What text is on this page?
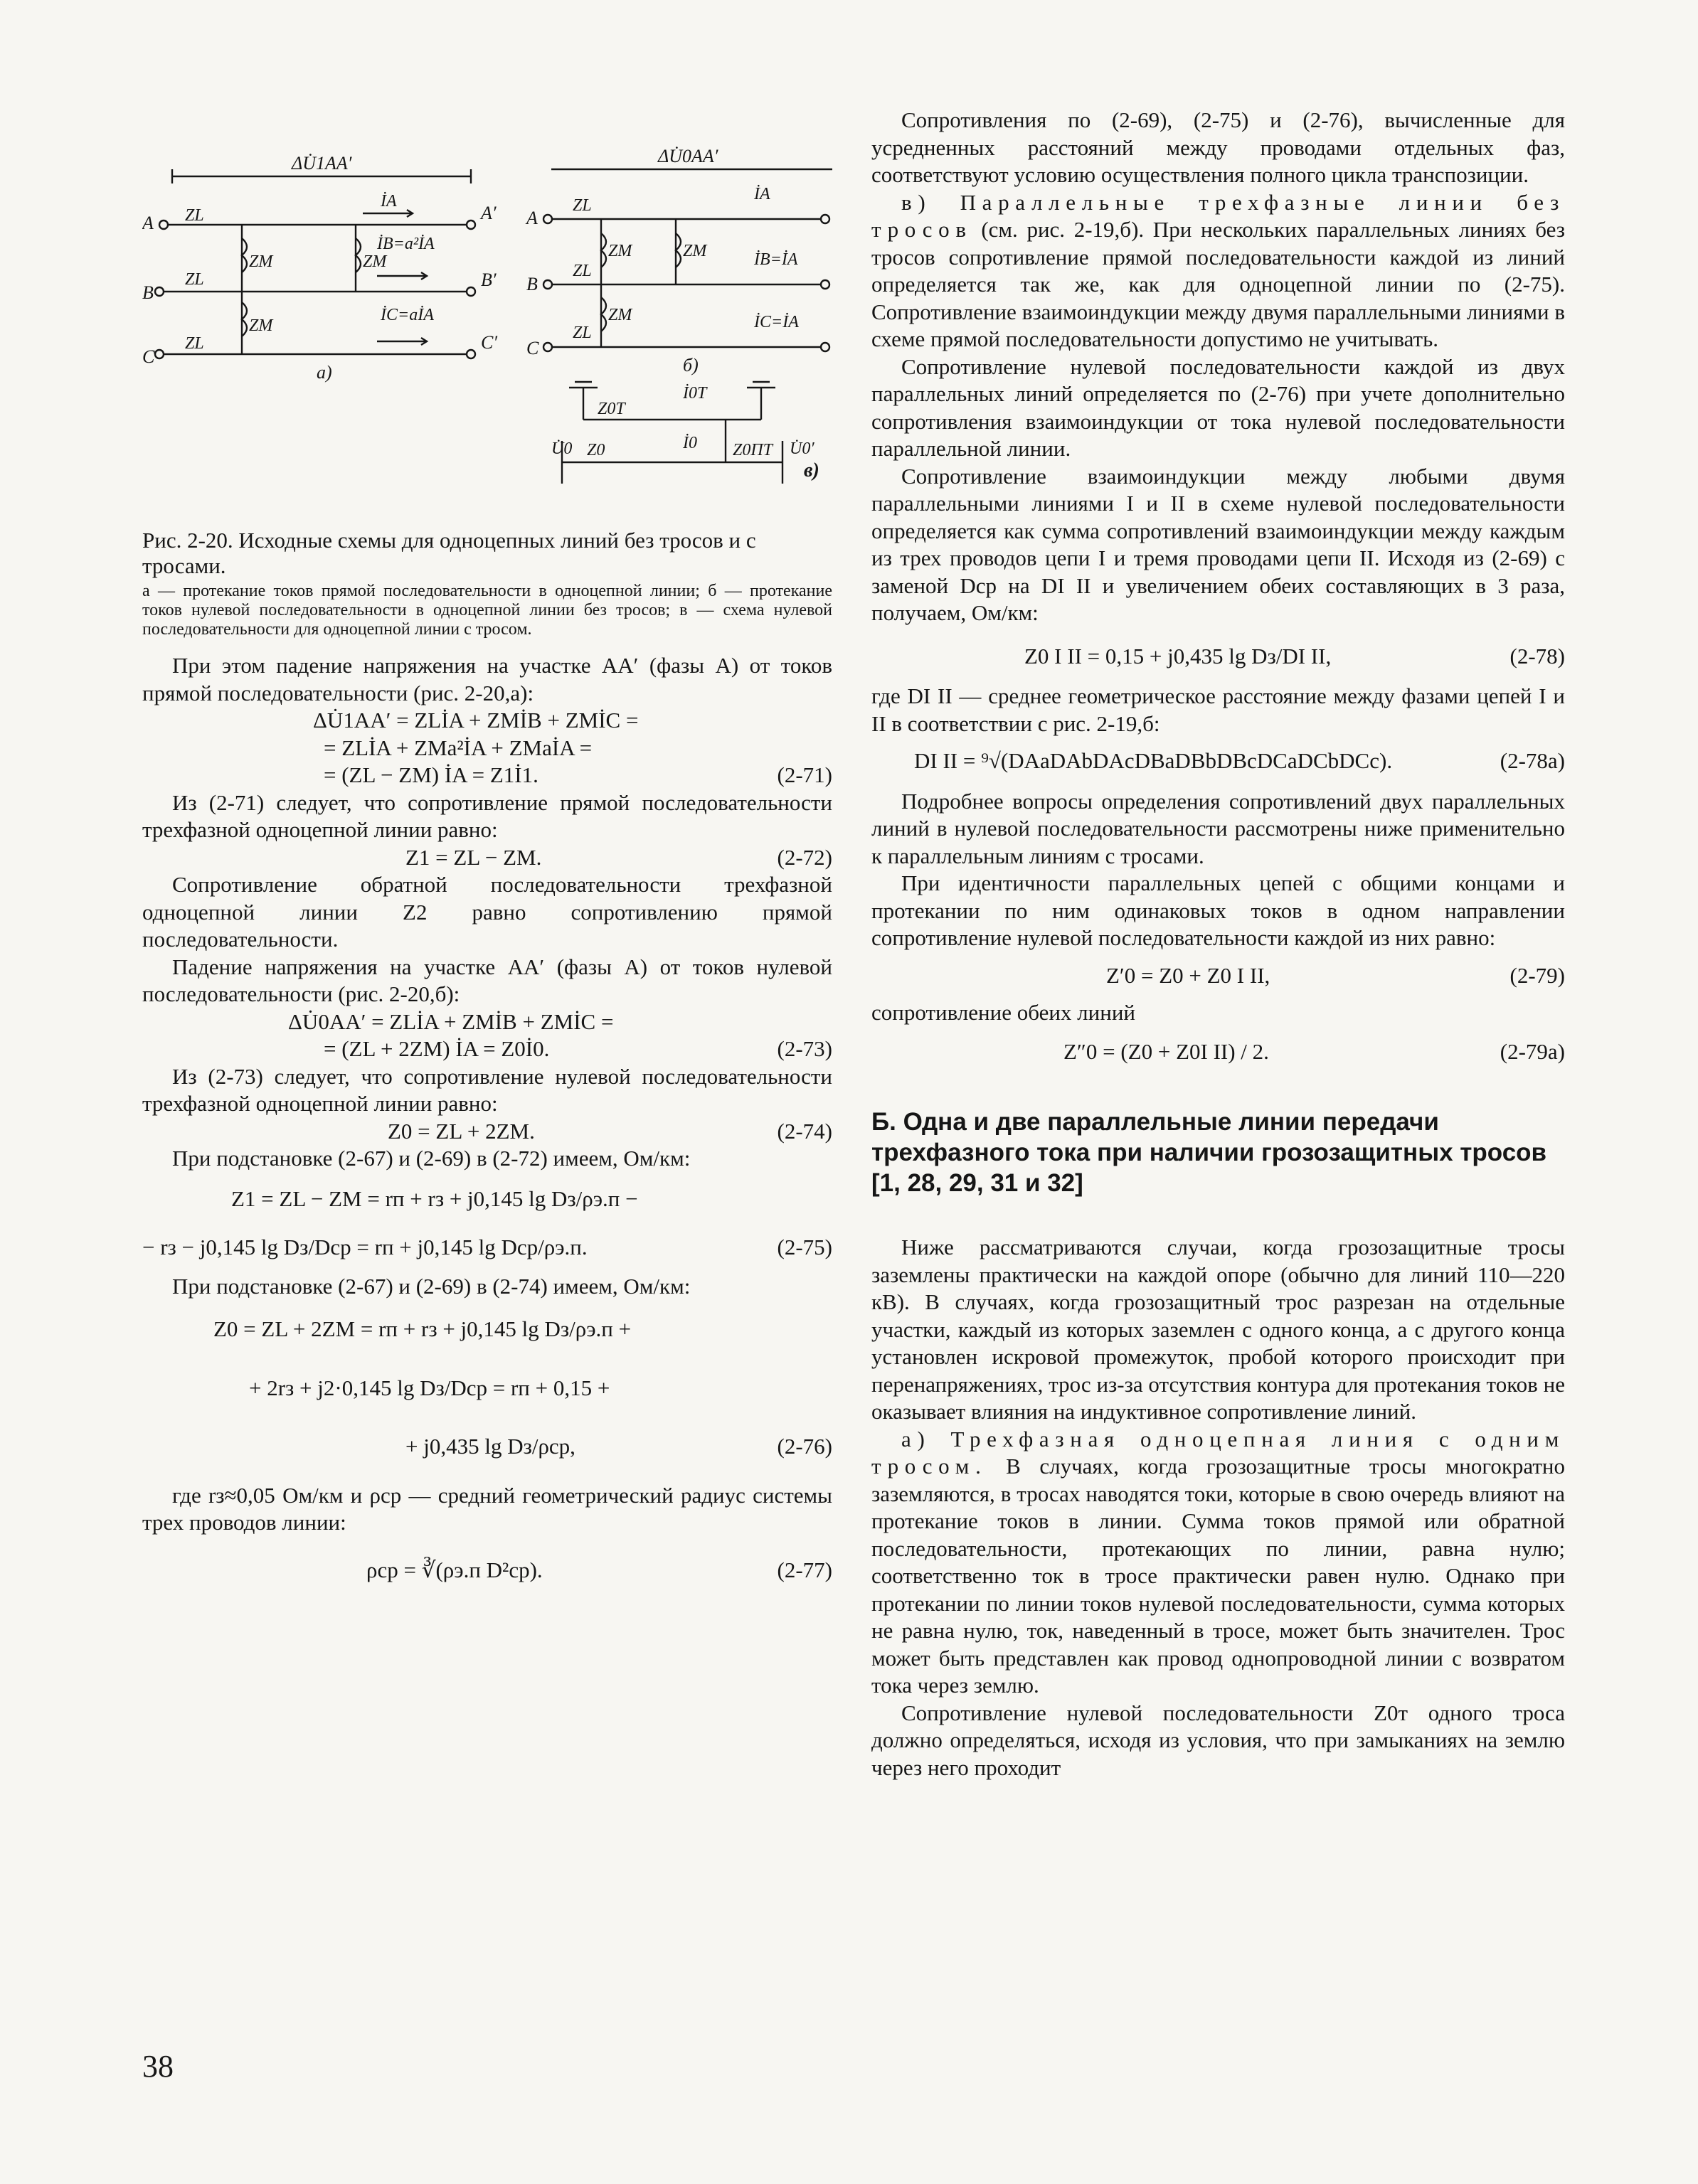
ΔU̇1AA′
A	A′
ZL
İA
B
B′
ZL
C
C′
ZL
ZM
ZM
ZM
İB=a²İA
İC=aİA
а)
ΔU̇0AA′
A
ZL
İA
B
ZL
İB=İA
C
ZL
İC=İA
ZM
ZM
ZM
б)
Z0T
İ0T
U̇0 Z0	İ0 Z0ПТ U̇0′
в)

Рис. 2-20. Исходные схемы для одноцепных линий без тросов и с тросами.

а — протекание токов прямой последовательности в одноцепной линии; б — протекание токов нулевой последовательности в одноцепной линии без тросов; в — схема нулевой последовательности для одноцепной линии с тросом.

При этом падение напряжения на участке AA′ (фазы A) от токов прямой последовательности (рис. 2-20,а):

ΔU̇1AA′ = ZLİA + ZMİB + ZMİC =
= ZLİA + ZMa²İA + ZMaİA =
= (ZL − ZM) İA = Z1İ1.	(2-71)

Из (2-71) следует, что сопротивление прямой последовательности трехфазной одноцепной линии равно:

Z1 = ZL − ZM.	(2-72)

Сопротивление обратной последовательности трехфазной одноцепной линии Z2 равно сопротивлению прямой последовательности.

Падение напряжения на участке AA′ (фазы A) от токов нулевой последовательности (рис. 2-20,б):

ΔU̇0AA′ = ZLİA + ZMİB + ZMİC =
= (ZL + 2ZM) İA = Z0İ0.	(2-73)

Из (2-73) следует, что сопротивление нулевой последовательности трехфазной одноцепной линии равно:

Z0 = ZL + 2ZM.	(2-74)

При подстановке (2-67) и (2-69) в (2-72) имеем, Ом/км:

Z1 = ZL − ZM = rп + rз + j0,145 lg Dз/ρэ.п −
− rз − j0,145 lg Dз/Dср = rп + j0,145 lg Dср/ρэ.п.	(2-75)

При подстановке (2-67) и (2-69) в (2-74) имеем, Ом/км:

Z0 = ZL + 2ZM = rп + rз + j0,145 lg Dз/ρэ.п +
+ 2rз + j2·0,145 lg Dз/Dср = rп + 0,15 +
+ j0,435 lg Dз/ρср,	(2-76)

где rз≈0,05 Ом/км и ρср — средний геометрический радиус системы трех проводов линии:

ρср = ∛(ρэ.п D²ср).	(2-77)

Сопротивления по (2-69), (2-75) и (2-76), вычисленные для усредненных расстояний между проводами отдельных фаз, соответствуют условию осуществления полного цикла транспозиции.

в) Параллельные трехфазные линии без тросов (см. рис. 2-19,б). При нескольких параллельных линиях без тросов сопротивление прямой последовательности каждой из линий определяется так же, как для одноцепной линии по (2-75). Сопротивление взаимоиндукции между двумя параллельными линиями в схеме прямой последовательности допустимо не учитывать.

Сопротивление нулевой последовательности каждой из двух параллельных линий определяется по (2-76) при учете дополнительно сопротивления взаимоиндукции от тока нулевой последовательности параллельной линии.

Сопротивление взаимоиндукции между любыми двумя параллельными линиями I и II в схеме нулевой последовательности определяется как сумма сопротивлений взаимоиндукции между каждым из трех проводов цепи I и тремя проводами цепи II. Исходя из (2-69) с заменой Dср на DI II и увеличением обеих составляющих в 3 раза, получаем, Ом/км:

Z0 I II = 0,15 + j0,435 lg Dз/DI II,	(2-78)

где DI II — среднее геометрическое расстояние между фазами цепей I и II в соответствии с рис. 2-19,б:

DI II = ⁹√(DAaDAbDAcDBaDBbDBcDCaDCbDCc).	(2-78а)

Подробнее вопросы определения сопротивлений двух параллельных линий в нулевой последовательности рассмотрены ниже применительно к параллельным линиям с тросами.

При идентичности параллельных цепей с общими концами и протекании по ним одинаковых токов в одном направлении сопротивление нулевой последовательности каждой из них равно:

Z′0 = Z0 + Z0 I II,	(2-79)

сопротивление обеих линий

Z″0 = (Z0 + Z0I II) / 2.	(2-79а)
Б. Одна и две параллельные линии передачи трехфазного тока при наличии грозозащитных тросов [1, 28, 29, 31 и 32]

Ниже рассматриваются случаи, когда грозозащитные тросы заземлены практически на каждой опоре (обычно для линий 110—220 кВ). В случаях, когда грозозащитный трос разрезан на отдельные участки, каждый из которых заземлен с одного конца, а с другого конца установлен искровой промежуток, пробой которого происходит при перенапряжениях, трос из-за отсутствия контура для протекания токов не оказывает влияния на индуктивное сопротивление линий.

а) Трехфазная одноцепная линия с одним тросом. В случаях, когда грозозащитные тросы многократно заземляются, в тросах наводятся токи, которые в свою очередь влияют на протекание токов в линии. Сумма токов прямой или обратной последовательности, протекающих по линии, равна нулю; соответственно ток в тросе практически равен нулю. Однако при протекании по линии токов нулевой последовательности, сумма которых не равна нулю, ток, наведенный в тросе, может быть значителен. Трос может быть представлен как провод однопроводной линии с возвратом тока через землю.

Сопротивление нулевой последовательности Z0т одного троса должно определяться, исходя из условия, что при замыканиях на землю через него проходит

38
